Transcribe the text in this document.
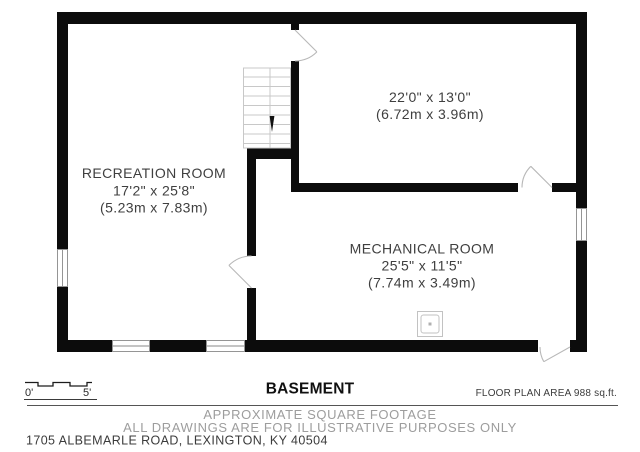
RECREATION ROOM
17'2" x 25'8"
(5.23m x 7.83m)
22'0" x 13'0"
(6.72m x 3.96m)
MECHANICAL ROOM
25'5" x 11'5"
(7.74m x 3.49m)
0'	5'	BASEMENT	FLOOR PLAN AREA 988 sq.ft.
APPROXIMATE SQUARE FOOTAGE
ALL DRAWINGS ARE FOR ILLUSTRATIVE PURPOSES ONLY
1705 ALBEMARLE ROAD, LEXINGTON, KY 40504
